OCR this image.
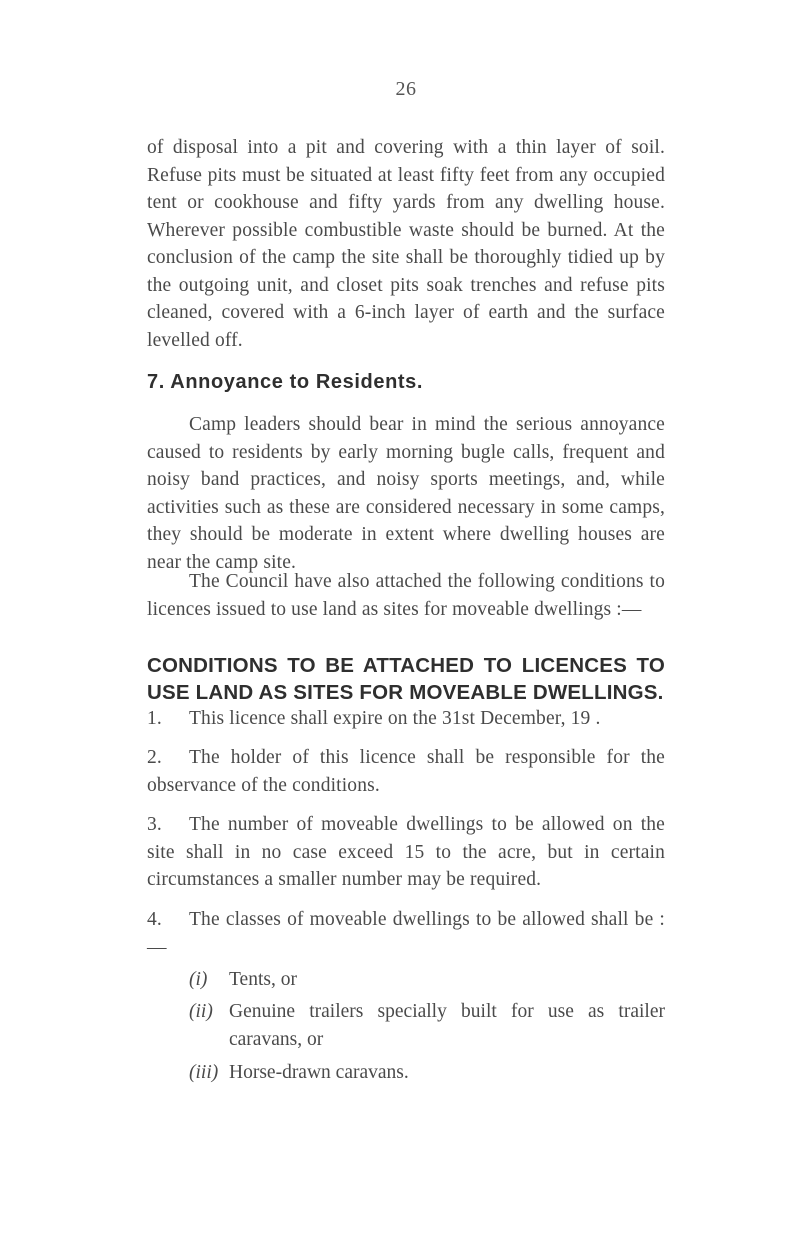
26

of disposal into a pit and covering with a thin layer of soil. Refuse pits must be situated at least fifty feet from any occupied tent or cookhouse and fifty yards from any dwelling house. Wherever possible combustible waste should be burned. At the conclusion of the camp the site shall be thoroughly tidied up by the outgoing unit, and closet pits soak trenches and refuse pits cleaned, covered with a 6-inch layer of earth and the surface levelled off.

7. Annoyance to Residents.

Camp leaders should bear in mind the serious annoyance caused to residents by early morning bugle calls, frequent and noisy band practices, and noisy sports meetings, and, while activities such as these are considered necessary in some camps, they should be moderate in extent where dwelling houses are near the camp site.

The Council have also attached the following conditions to licences issued to use land as sites for moveable dwellings :—

CONDITIONS TO BE ATTACHED TO LICENCES TO USE LAND AS SITES FOR MOVEABLE DWELLINGS.

1. This licence shall expire on the 31st December, 19 .

2. The holder of this licence shall be responsible for the observance of the conditions.

3. The number of moveable dwellings to be allowed on the site shall in no case exceed 15 to the acre, but in certain circumstances a smaller number may be required.

4. The classes of moveable dwellings to be allowed shall be :—

(i) Tents, or
(ii) Genuine trailers specially built for use as trailer caravans, or
(iii) Horse-drawn caravans.
